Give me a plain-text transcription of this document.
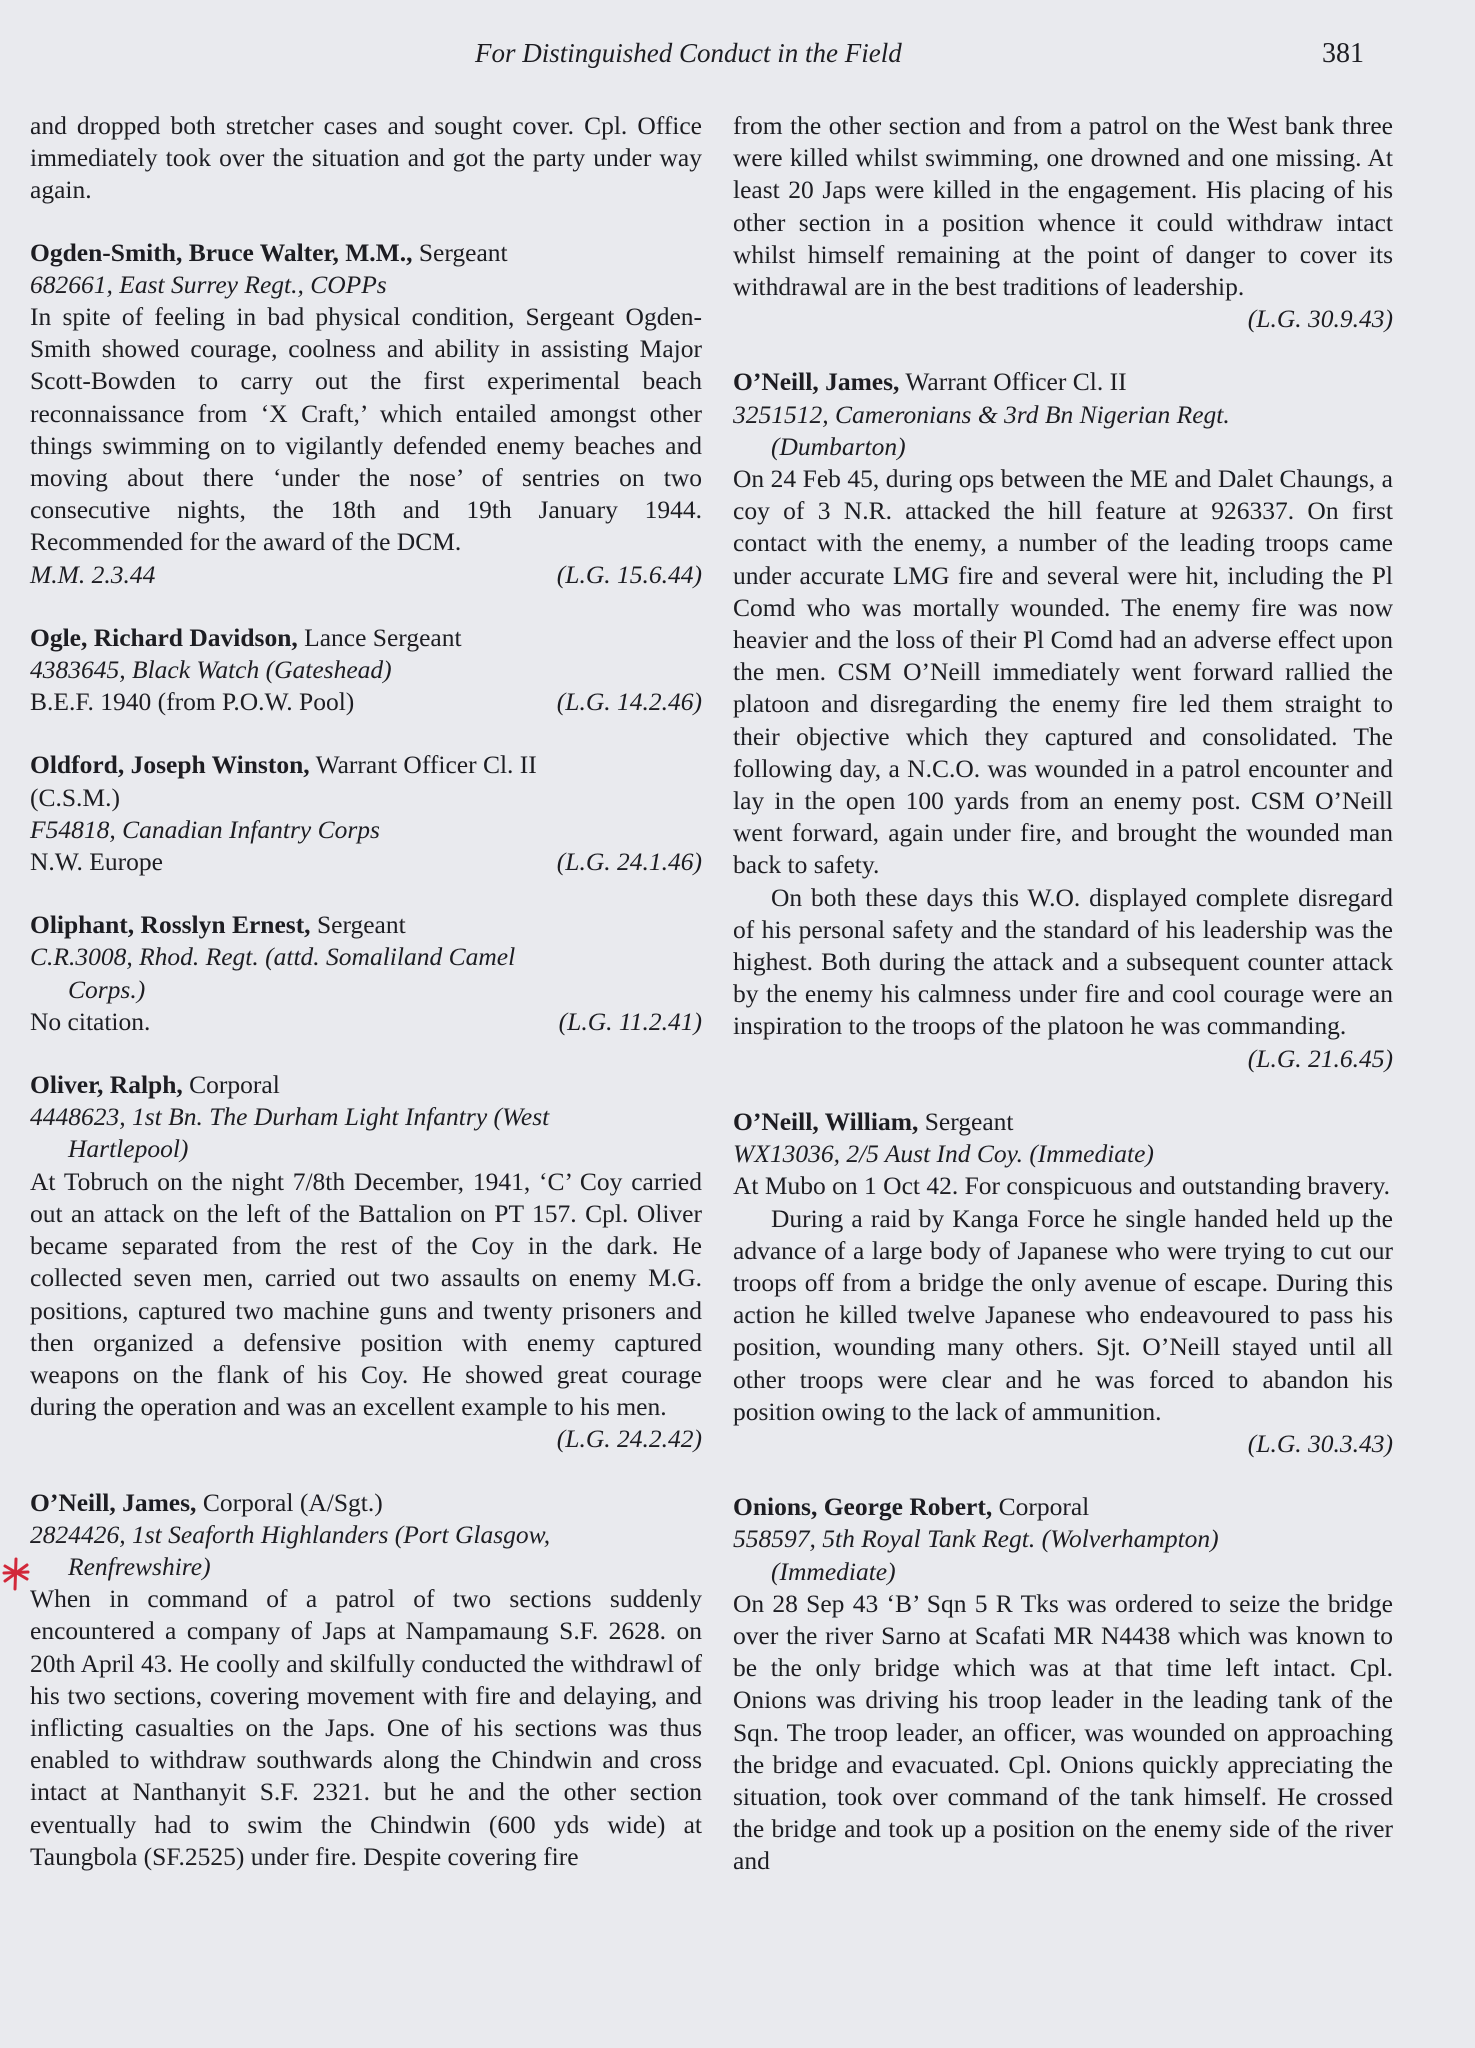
For Distinguished Conduct in the Field	381

and dropped both stretcher cases and sought cover. Cpl. Office immediately took over the situation and got the party under way again.

Ogden-Smith, Bruce Walter, M.M., Sergeant

682661, East Surrey Regt., COPPs

In spite of feeling in bad physical condition, Sergeant Ogden-Smith showed courage, coolness and ability in assisting Major Scott-Bowden to carry out the first experimental beach reconnaissance from ‘X Craft,’ which entailed amongst other things swimming on to vigilantly defended enemy beaches and moving about there ‘under the nose’ of sentries on two consecutive nights, the 18th and 19th January 1944. Recommended for the award of the DCM.

M.M. 2.3.44	(L.G. 15.6.44)

Ogle, Richard Davidson, Lance Sergeant

4383645, Black Watch (Gateshead)

B.E.F. 1940 (from P.O.W. Pool)	(L.G. 14.2.46)

Oldford, Joseph Winston, Warrant Officer Cl. II

(C.S.M.)

F54818, Canadian Infantry Corps

N.W. Europe	(L.G. 24.1.46)

Oliphant, Rosslyn Ernest, Sergeant

C.R.3008, Rhod. Regt. (attd. Somaliland Camel

Corps.)

No citation.	(L.G. 11.2.41)

Oliver, Ralph, Corporal

4448623, 1st Bn. The Durham Light Infantry (West

Hartlepool)

At Tobruch on the night 7/8th December, 1941, ‘C’ Coy carried out an attack on the left of the Battalion on PT 157. Cpl. Oliver became separated from the rest of the Coy in the dark. He collected seven men, carried out two assaults on enemy M.G. positions, captured two machine guns and twenty prisoners and then organized a defensive position with enemy captured weapons on the flank of his Coy. He showed great courage during the operation and was an excellent example to his men.

(L.G. 24.2.42)

O’Neill, James, Corporal (A/Sgt.)

2824426, 1st Seaforth Highlanders (Port Glasgow,

Renfrewshire)

When in command of a patrol of two sections suddenly encountered a company of Japs at Nampamaung S.F. 2628. on 20th April 43. He coolly and skilfully conducted the withdrawl of his two sections, covering movement with fire and delaying, and inflicting casualties on the Japs. One of his sections was thus enabled to withdraw southwards along the Chindwin and cross intact at Nanthanyit S.F. 2321. but he and the other section eventually had to swim the Chindwin (600 yds wide) at Taungbola (SF.2525) under fire. Despite covering fire

from the other section and from a patrol on the West bank three were killed whilst swimming, one drowned and one missing. At least 20 Japs were killed in the engagement. His placing of his other section in a position whence it could withdraw intact whilst himself remaining at the point of danger to cover its withdrawal are in the best traditions of leadership.

(L.G. 30.9.43)

O’Neill, James, Warrant Officer Cl. II

3251512, Cameronians & 3rd Bn Nigerian Regt.

(Dumbarton)

On 24 Feb 45, during ops between the ME and Dalet Chaungs, a coy of 3 N.R. attacked the hill feature at 926337. On first contact with the enemy, a number of the leading troops came under accurate LMG fire and several were hit, including the Pl Comd who was mortally wounded. The enemy fire was now heavier and the loss of their Pl Comd had an adverse effect upon the men. CSM O’Neill immediately went forward rallied the platoon and disregarding the enemy fire led them straight to their objective which they captured and consolidated. The following day, a N.C.O. was wounded in a patrol encounter and lay in the open 100 yards from an enemy post. CSM O’Neill went forward, again under fire, and brought the wounded man back to safety.

On both these days this W.O. displayed complete disregard of his personal safety and the standard of his leadership was the highest. Both during the attack and a subsequent counter attack by the enemy his calmness under fire and cool courage were an inspiration to the troops of the platoon he was commanding.

(L.G. 21.6.45)

O’Neill, William, Sergeant

WX13036, 2/5 Aust Ind Coy. (Immediate)

At Mubo on 1 Oct 42. For conspicuous and outstanding bravery.

During a raid by Kanga Force he single handed held up the advance of a large body of Japanese who were trying to cut our troops off from a bridge the only avenue of escape. During this action he killed twelve Japanese who endeavoured to pass his position, wounding many others. Sjt. O’Neill stayed until all other troops were clear and he was forced to abandon his position owing to the lack of ammunition.

(L.G. 30.3.43)

Onions, George Robert, Corporal

558597, 5th Royal Tank Regt. (Wolverhampton)

(Immediate)

On 28 Sep 43 ‘B’ Sqn 5 R Tks was ordered to seize the bridge over the river Sarno at Scafati MR N4438 which was known to be the only bridge which was at that time left intact. Cpl. Onions was driving his troop leader in the leading tank of the Sqn. The troop leader, an officer, was wounded on approaching the bridge and evacuated. Cpl. Onions quickly appreciating the situation, took over command of the tank himself. He crossed the bridge and took up a position on the enemy side of the river and
